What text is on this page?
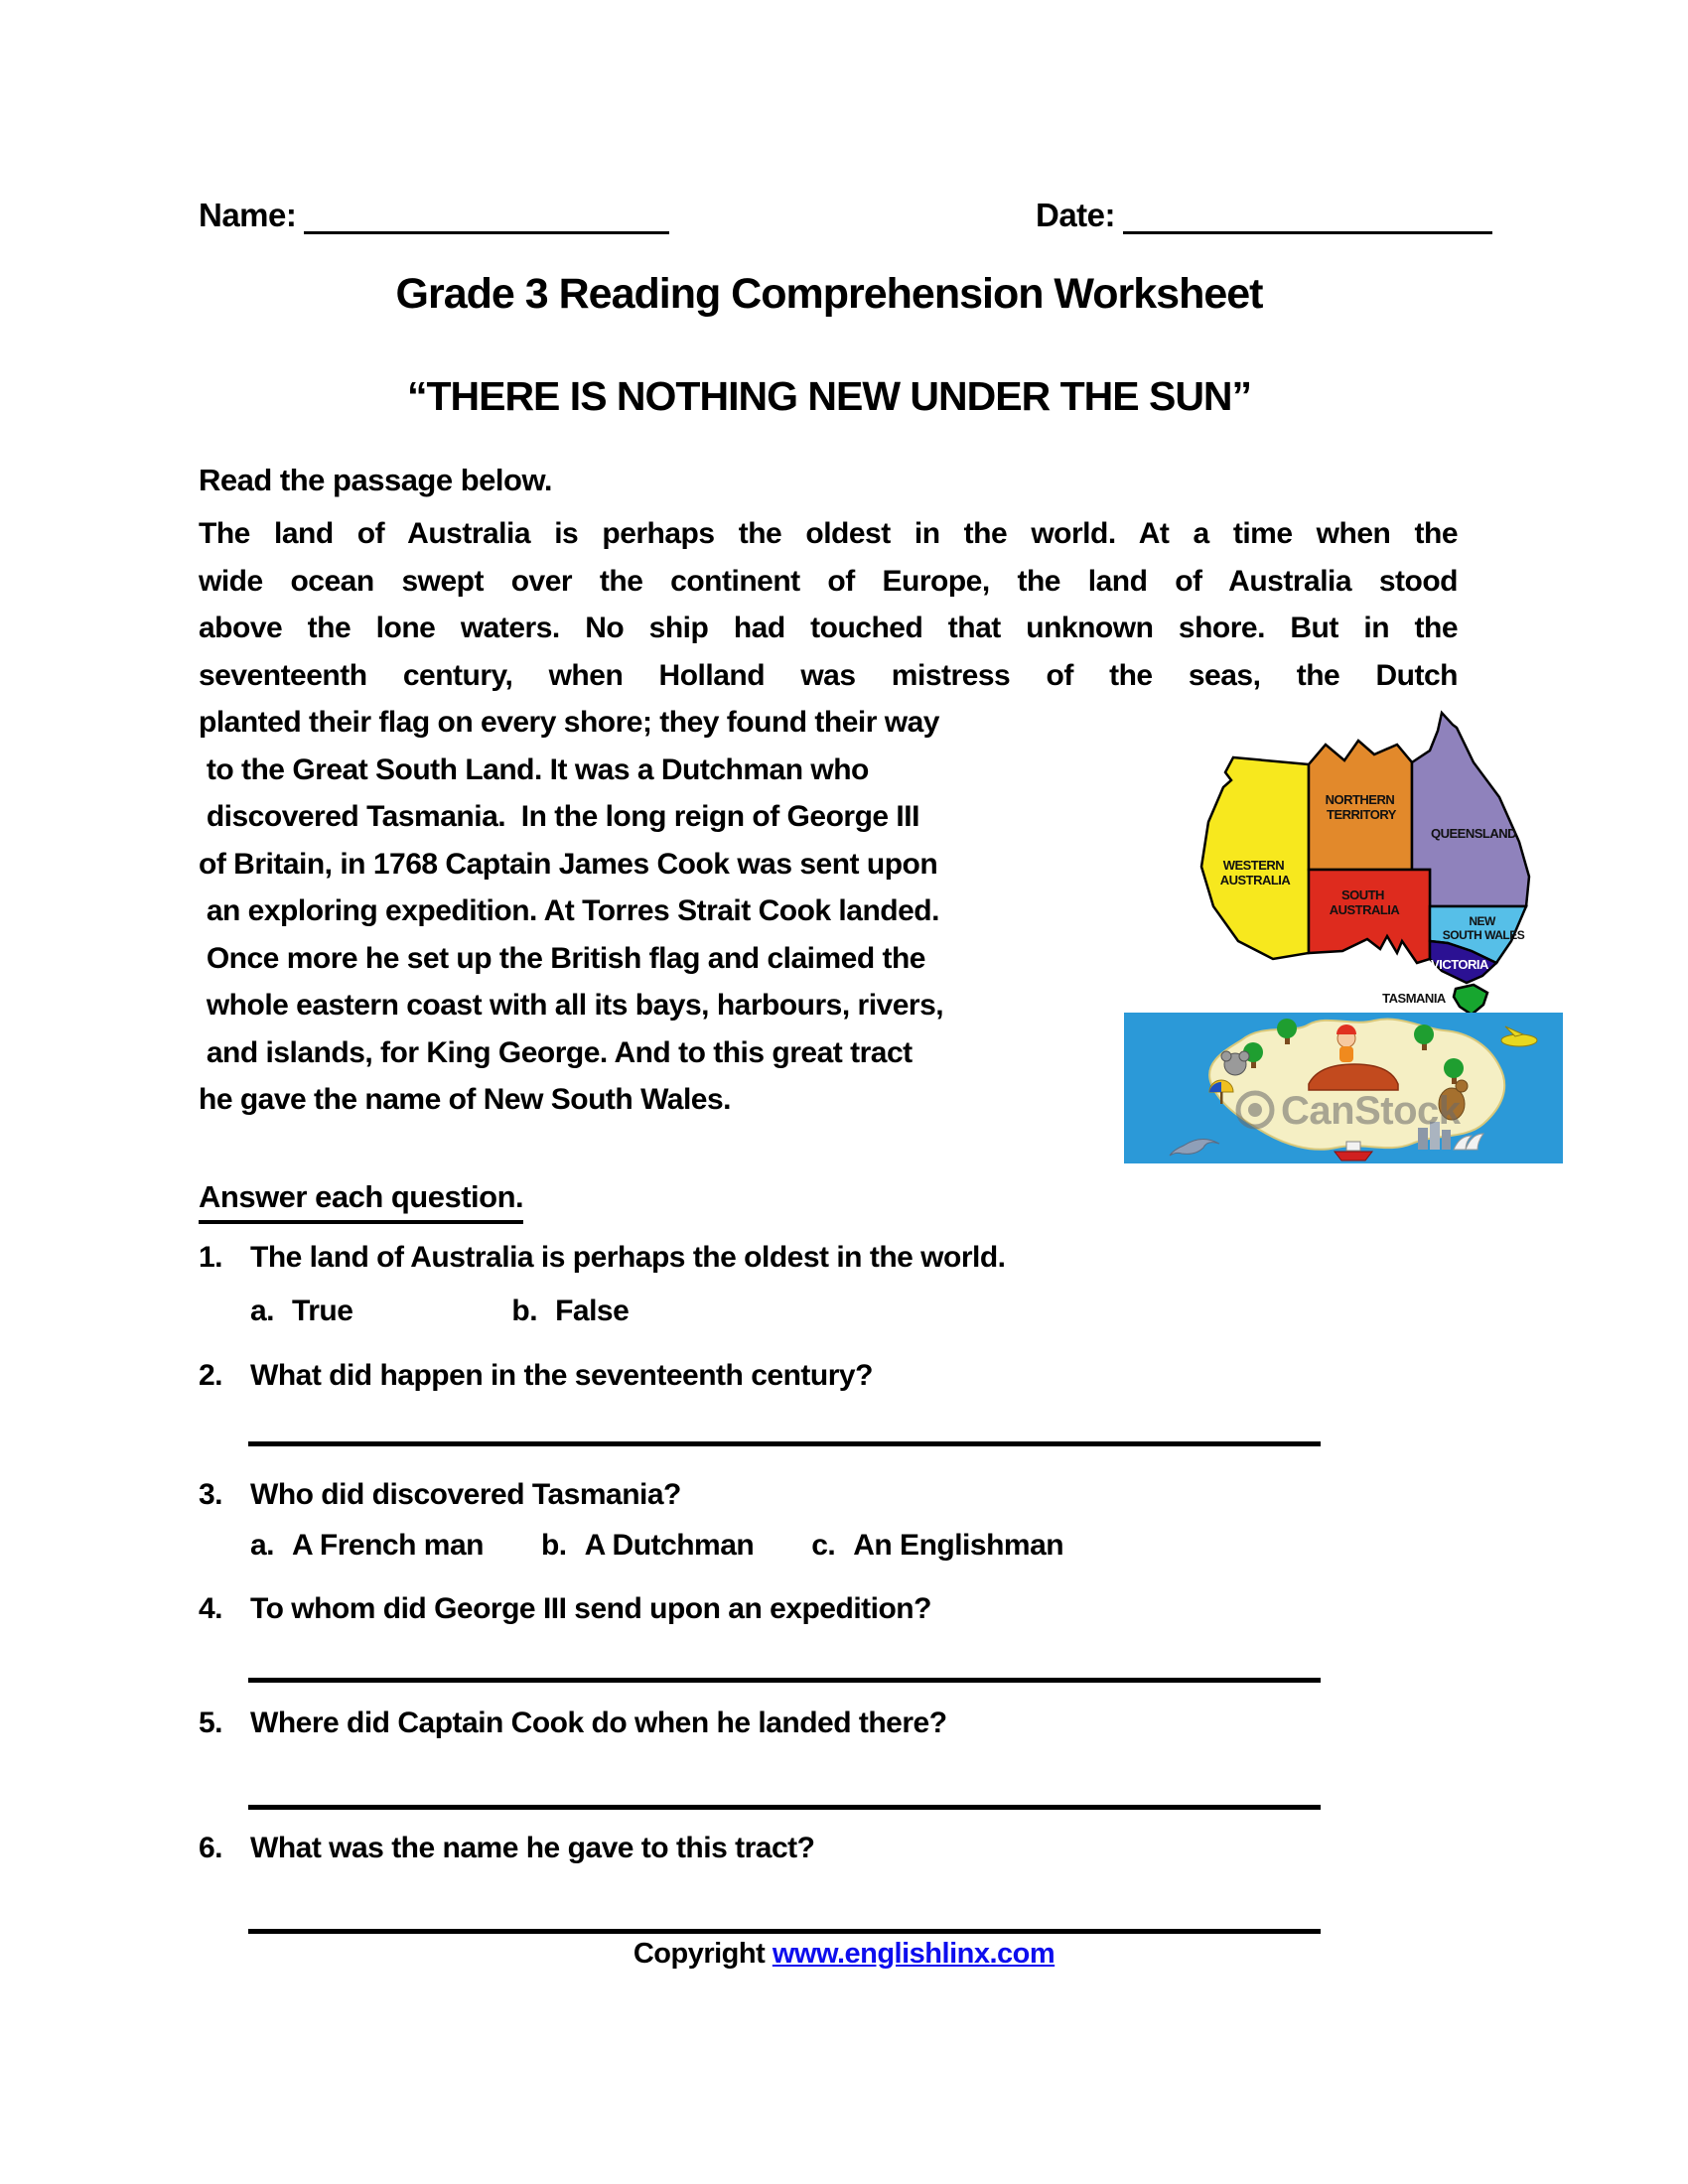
Name:	Date:
Grade 3 Reading Comprehension Worksheet
“THERE IS NOTHING NEW UNDER THE SUN”
Read the passage below.
The land of Australia is perhaps the oldest in the world. At a time when the
wide ocean swept over the continent of Europe, the land of Australia stood
above the lone waters. No ship had touched that unknown shore. But in the
seventeenth century, when Holland was mistress of the seas, the Dutch
planted their flag on every shore; they found their way
to the Great South Land. It was a Dutchman who
discovered Tasmania.  In the long reign of George III
of Britain, in 1768 Captain James Cook was sent upon
an exploring expedition. At Torres Strait Cook landed.
Once more he set up the British flag and claimed the
whole eastern coast with all its bays, harbours, rivers,
and islands, for King George. And to this great tract
he gave the name of New South Wales.
WESTERN AUSTRALIA
NORTHERN TERRITORY
QUEENSLAND
SOUTH AUSTRALIA
NEW SOUTH WALES
VICTORIA
TASMANIA
CanStock
Answer each question.
1. The land of Australia is perhaps the oldest in the world.
a. True	b. False
2. What did happen in the seventeenth century?
3. Who did discovered Tasmania?
a. A French man b. A Dutchman c. An Englishman
4. To whom did George III send upon an expedition?
5. Where did Captain Cook do when he landed there?
6. What was the name he gave to this tract?
Copyright www.englishlinx.com
